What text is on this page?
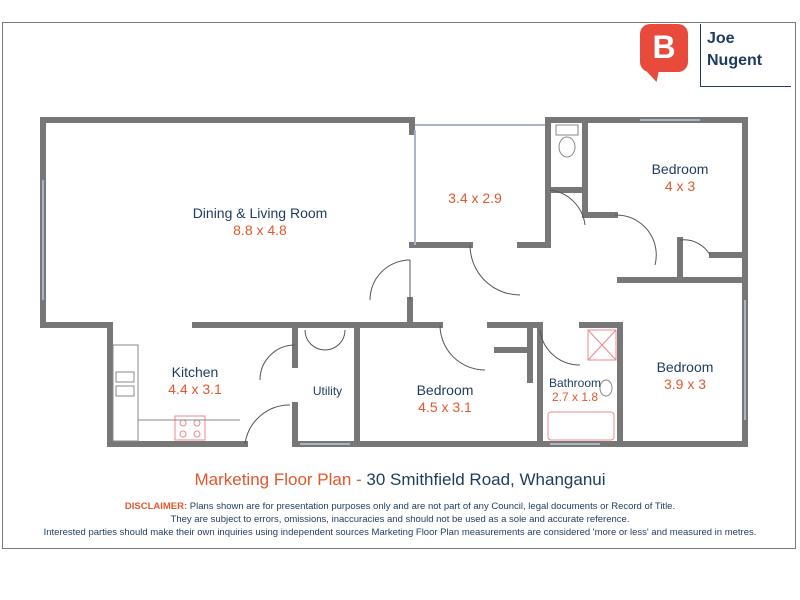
Dining & Living Room
8.8 x 4.8
3.4 x 2.9
Bedroom
4 x 3
Bedroom
3.9 x 3
Kitchen
4.4 x 3.1	Utility	Bedroom
4.5 x 3.1
Bathroom
2.7 x 1.8
B	Joe
Nugent
Marketing Floor Plan - 30 Smithfield Road, Whanganui
DISCLAIMER: Plans shown are for presentation purposes only and are not part of any Council, legal documents or Record of Title.
They are subject to errors, omissions, inaccuracies and should not be used as a sole and accurate reference.
Interested parties should make their own inquiries using independent sources Marketing Floor Plan measurements are considered 'more or less' and measured in metres.
